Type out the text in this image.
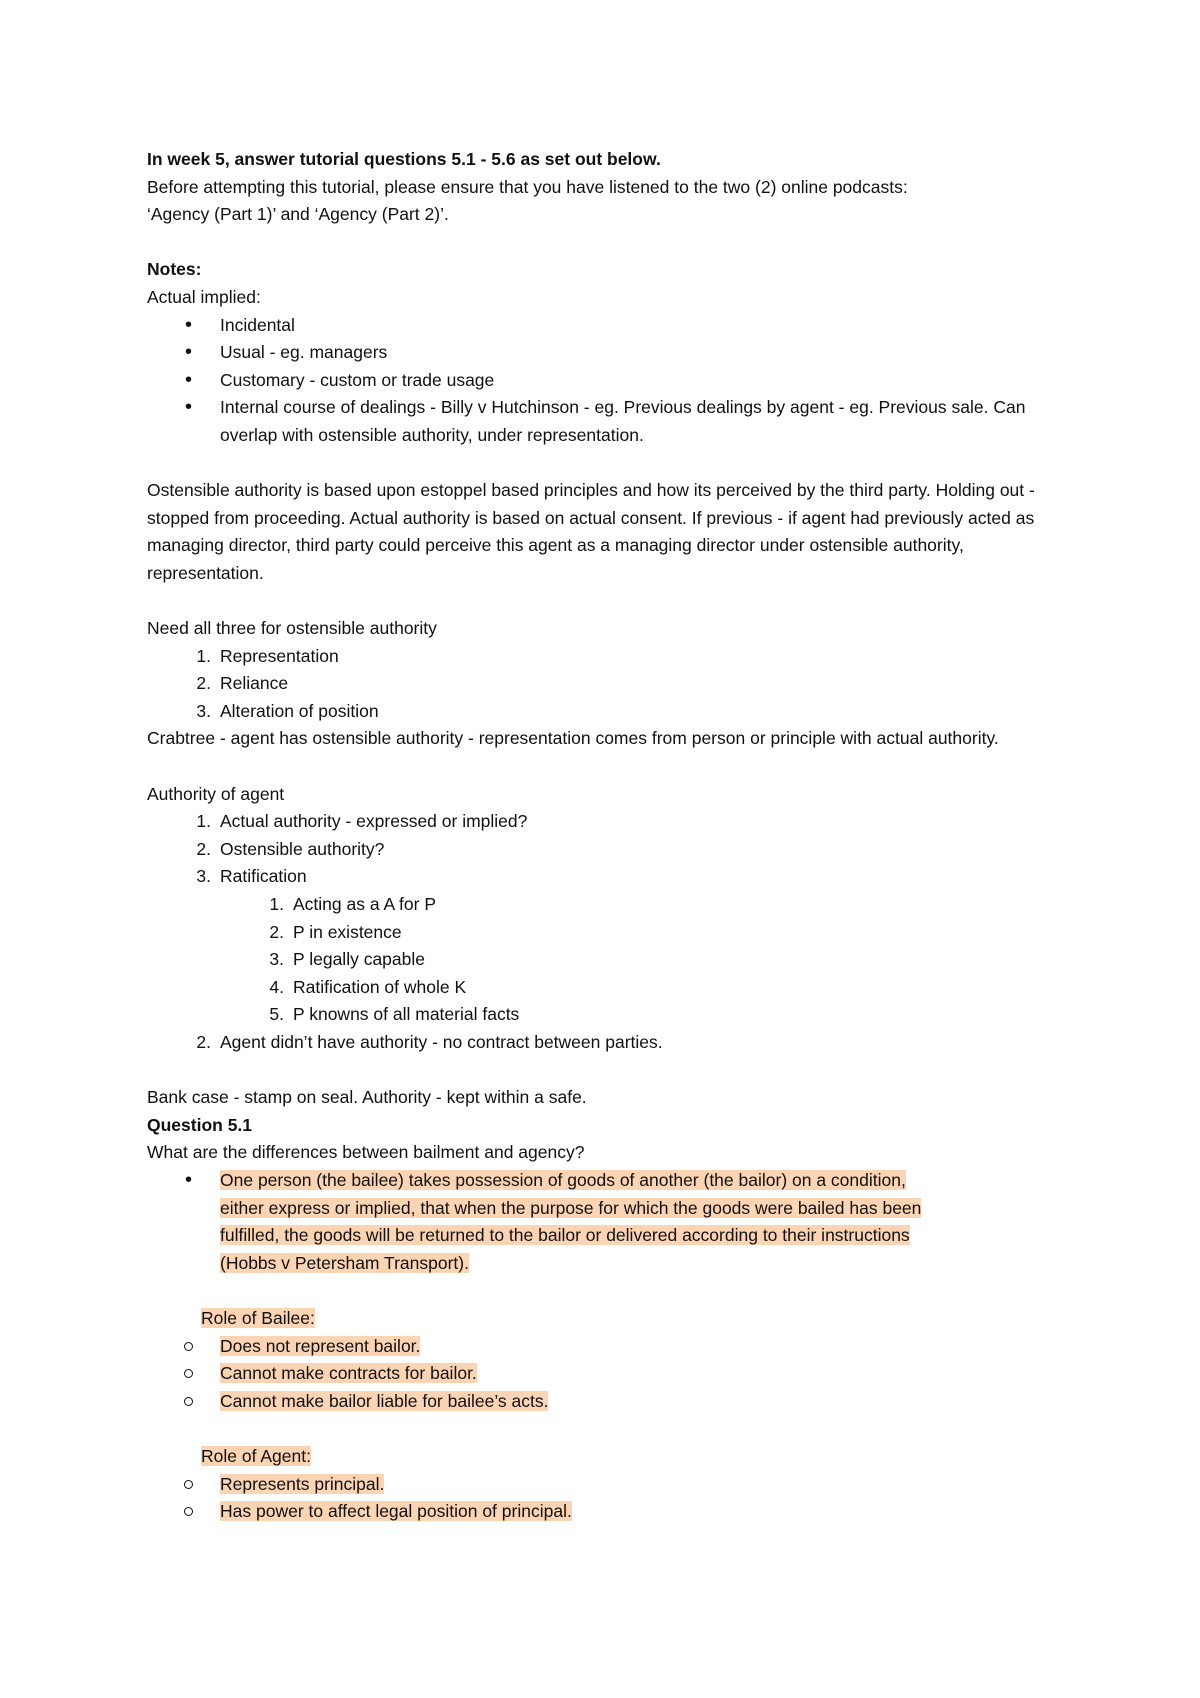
In week 5, answer tutorial questions 5.1 - 5.6 as set out below.

Before attempting this tutorial, please ensure that you have listened to the two (2) online podcasts:

‘Agency (Part 1)’ and ‘Agency (Part 2)’.

Notes:

Actual implied:

• Incidental
• Usual - eg. managers
• Customary - custom or trade usage
• Internal course of dealings - Billy v Hutchinson - eg. Previous dealings by agent - eg. Previous sale. Can overlap with ostensible authority, under representation.

Ostensible authority is based upon estoppel based principles and how its perceived by the third party. Holding out - stopped from proceeding. Actual authority is based on actual consent. If previous - if agent had previously acted as managing director, third party could perceive this agent as a managing director under ostensible authority, representation.

Need all three for ostensible authority

1. Representation
2. Reliance
3. Alteration of position

Crabtree - agent has ostensible authority - representation comes from person or principle with actual authority.

Authority of agent

1. Actual authority - expressed or implied?
2. Ostensible authority?
3. Ratification
1. Acting as a A for P
2. P in existence
3. P legally capable
4. Ratification of whole K
5. P knowns of all material facts
2. Agent didn’t have authority - no contract between parties.

Bank case - stamp on seal. Authority - kept within a safe.

Question 5.1

What are the differences between bailment and agency?

• One person (the bailee) takes possession of goods of another (the bailor) on a condition,
either express or implied, that when the purpose for which the goods were bailed has been
fulfilled, the goods will be returned to the bailor or delivered according to their instructions
(Hobbs v Petersham Transport).

Role of Bailee:

Does not represent bailor.
Cannot make contracts for bailor.
Cannot make bailor liable for bailee’s acts.

Role of Agent:

Represents principal.
Has power to affect legal position of principal.
